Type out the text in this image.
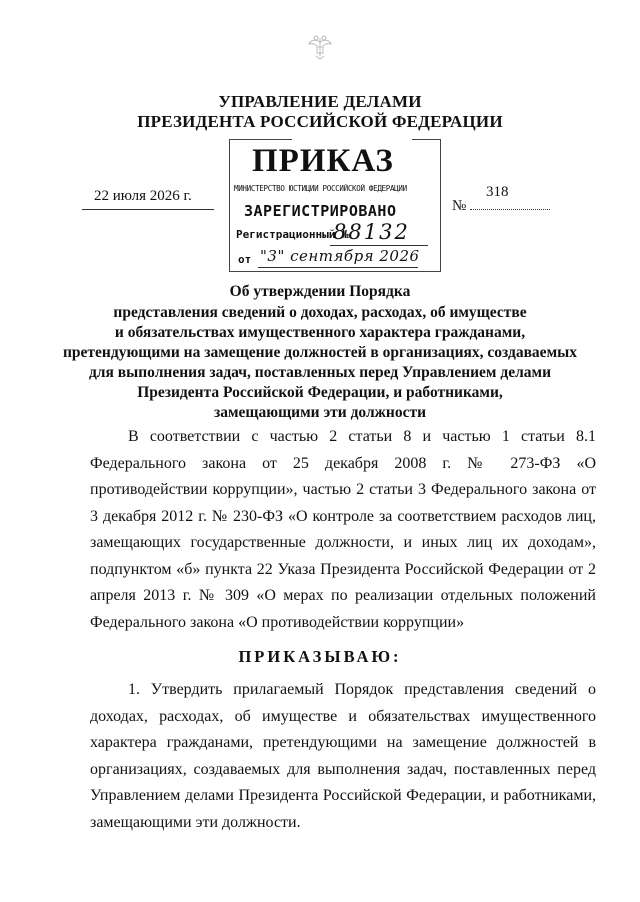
УПРАВЛЕНИЕ ДЕЛАМИ
ПРЕЗИДЕНТА РОССИЙСКОЙ ФЕДЕРАЦИИ
22 июля 2026 г.
№
318
ПРИКАЗ
МИНИСТЕРСТВО ЮСТИЦИИ РОССИЙСКОЙ ФЕДЕРАЦИИ
ЗАРЕГИСТРИРОВАНО
Регистрационный №
88132
от "3" сентября 2026
Об утверждении Порядка
представления сведений о доходах, расходах, об имуществе
и обязательствах имущественного характера гражданами,
претендующими на замещение должностей в организациях, создаваемых
для выполнения задач, поставленных перед Управлением делами
Президента Российской Федерации, и работниками,
замещающими эти должности
В соответствии с частью 2 статьи 8 и частью 1 статьи 8.1 Федерального закона от 25 декабря 2008 г. № 273-ФЗ «О противодействии коррупции», частью 2 статьи 3 Федерального закона от 3 декабря 2012 г. № 230-ФЗ «О контроле за соответствием расходов лиц, замещающих государственные должности, и иных лиц их доходам», подпунктом «б» пункта 22 Указа Президента Российской Федерации от 2 апреля 2013 г. № 309 «О мерах по реализации отдельных положений Федерального закона «О противодействии коррупции»
ПРИКАЗЫВАЮ:
1. Утвердить прилагаемый Порядок представления сведений о доходах, расходах, об имуществе и обязательствах имущественного характера гражданами, претендующими на замещение должностей в организациях, создаваемых для выполнения задач, поставленных перед Управлением делами Президента Российской Федерации, и работниками, замещающими эти должности.
